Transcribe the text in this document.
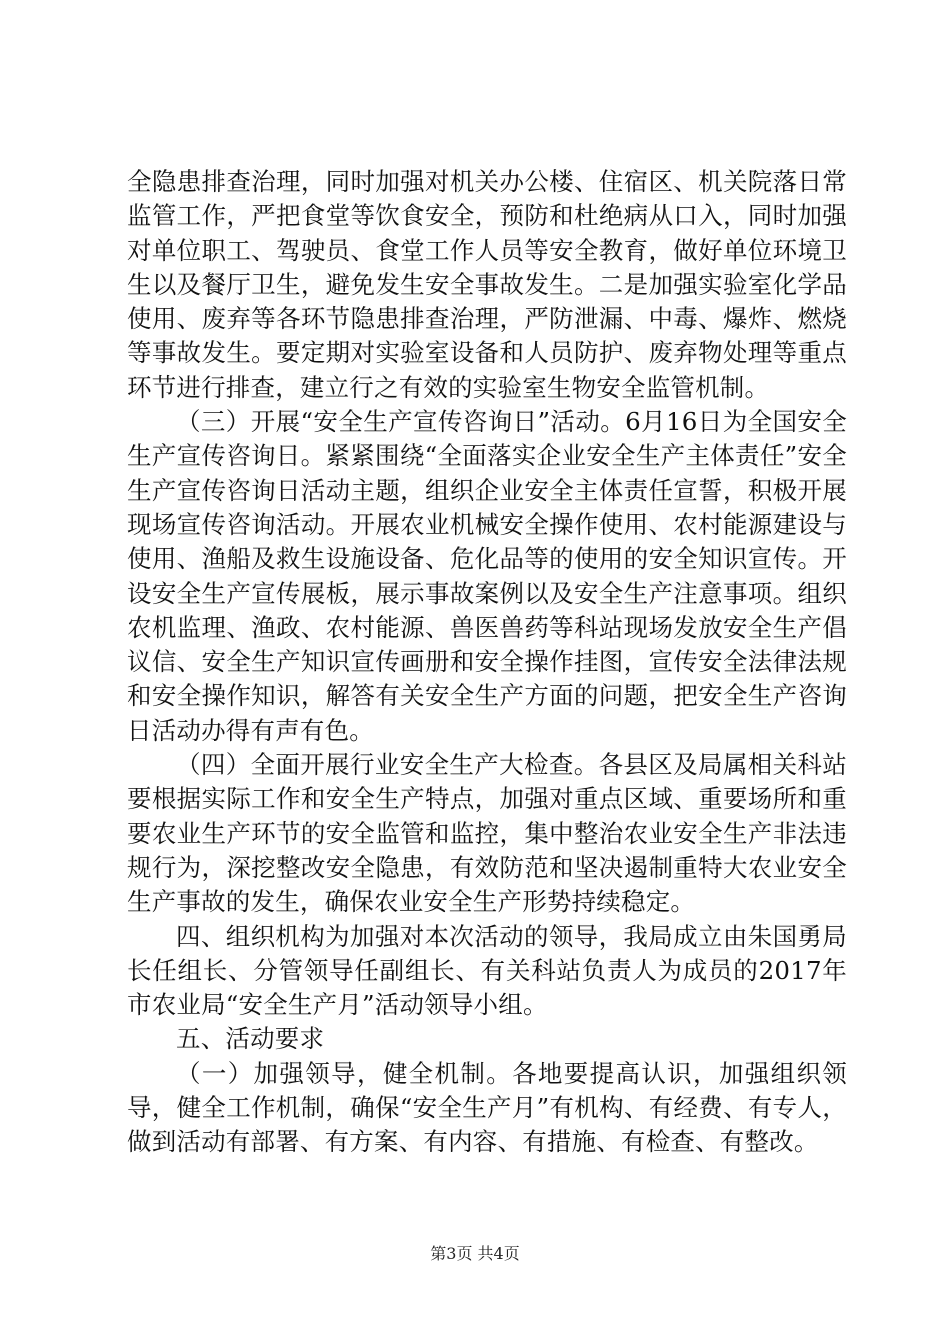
全隐患排查治理，同时加强对机关办公楼、住宿区、机关院落日常监管工作，严把食堂等饮食安全，预防和杜绝病从口入，同时加强对单位职工、驾驶员、食堂工作人员等安全教育，做好单位环境卫生以及餐厅卫生，避免发生安全事故发生。二是加强实验室化学品使用、废弃等各环节隐患排查治理，严防泄漏、中毒、爆炸、燃烧等事故发生。要定期对实验室设备和人员防护、废弃物处理等重点环节进行排查，建立行之有效的实验室生物安全监管机制。

（三）开展“安全生产宣传咨询日”活动。6月16日为全国安全生产宣传咨询日。紧紧围绕“全面落实企业安全生产主体责任”安全生产宣传咨询日活动主题，组织企业安全主体责任宣誓，积极开展现场宣传咨询活动。开展农业机械安全操作使用、农村能源建设与使用、渔船及救生设施设备、危化品等的使用的安全知识宣传。开设安全生产宣传展板，展示事故案例以及安全生产注意事项。组织农机监理、渔政、农村能源、兽医兽药等科站现场发放安全生产倡议信、安全生产知识宣传画册和安全操作挂图，宣传安全法律法规和安全操作知识，解答有关安全生产方面的问题，把安全生产咨询日活动办得有声有色。

（四）全面开展行业安全生产大检查。各县区及局属相关科站要根据实际工作和安全生产特点，加强对重点区域、重要场所和重要农业生产环节的安全监管和监控，集中整治农业安全生产非法违规行为，深挖整改安全隐患，有效防范和坚决遏制重特大农业安全生产事故的发生，确保农业安全生产形势持续稳定。

四、组织机构为加强对本次活动的领导，我局成立由朱国勇局长任组长、分管领导任副组长、有关科站负责人为成员的2017年市农业局“安全生产月”活动领导小组。

五、活动要求

（一）加强领导，健全机制。各地要提高认识，加强组织领导，健全工作机制，确保“安全生产月”有机构、有经费、有专人，做到活动有部署、有方案、有内容、有措施、有检查、有整改。

第3页 共4页
